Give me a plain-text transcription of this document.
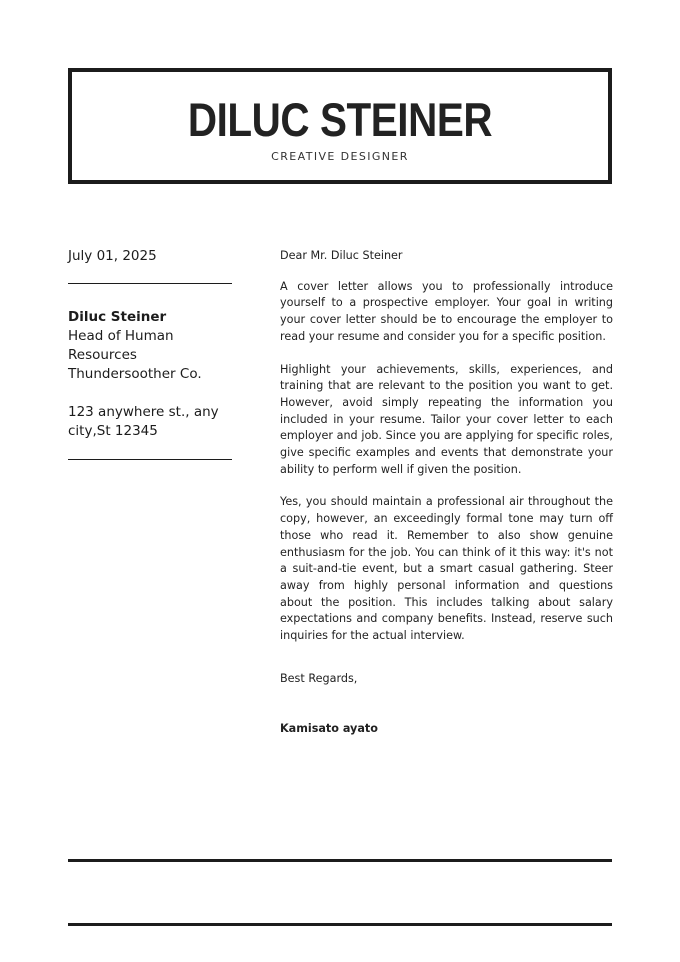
DILUC STEINER
CREATIVE DESIGNER
July 01, 2025
Diluc Steiner
Head of Human Resources
Thundersoother Co.
123 anywhere st., any city,St 12345
Dear Mr. Diluc Steiner

A cover letter allows you to professionally introduce yourself to a prospective employer. Your goal in writing your cover letter should be to encourage the employer to read your resume and consider you for a specific position.

Highlight your achievements, skills, experiences, and training that are relevant to the position you want to get. However, avoid simply repeating the information you included in your resume. Tailor your cover letter to each employer and job. Since you are applying for specific roles, give specific examples and events that demonstrate your ability to perform well if given the position.

Yes, you should maintain a professional air throughout the copy, however, an exceedingly formal tone may turn off those who read it. Remember to also show genuine enthusiasm for the job. You can think of it this way: it's not a suit-and-tie event, but a smart casual gathering. Steer away from highly personal information and questions about the position. This includes talking about salary expectations and company benefits. Instead, reserve such inquiries for the actual interview.

Best Regards,
Kamisato ayato
